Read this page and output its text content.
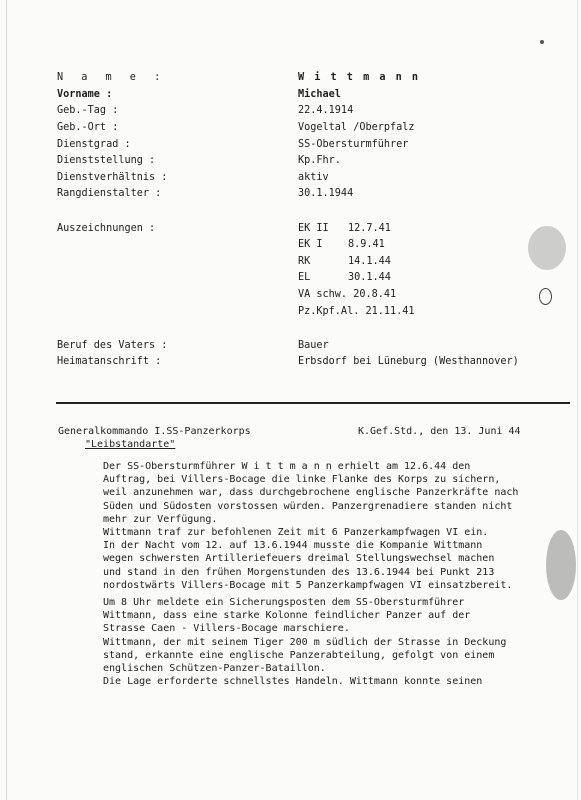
N a m e :	W i t t m a n n
Vorname :	Michael
Geb.-Tag :	22.4.1914
Geb.-Ort :	Vogeltal /Oberpfalz
Dienstgrad :	SS-Obersturmführer
Dienststellung :	Kp.Fhr.
Dienstverhältnis :	aktiv
Rangdienstalter :	30.1.1944
Auszeichnungen :	EK II 12.7.41
EK I 8.9.41
RK	14.1.44
EL	30.1.44
VA schw. 20.8.41
Pz.Kpf.Al. 21.11.41
Beruf des Vaters :	Bauer
Heimatanschrift :	Erbsdorf bei Lüneburg (Westhannover)
Generalkommando I.SS-Panzerkorps
"Leibstandarte"
K.Gef.Std., den 13. Juni 44

Der SS-Obersturmführer W i t t m a n n erhielt am 12.6.44 den

Auftrag, bei Villers-Bocage die linke Flanke des Korps zu sichern,

weil anzunehmen war, dass durchgebrochene englische Panzerkräfte nach

Süden und Südosten vorstossen würden. Panzergrenadiere standen nicht

mehr zur Verfügung.

Wittmann traf zur befohlenen Zeit mit 6 Panzerkampfwagen VI ein.

In der Nacht vom 12. auf 13.6.1944 musste die Kompanie Wittmann

wegen schwersten Artilleriefeuers dreimal Stellungswechsel machen

und stand in den frühen Morgenstunden des 13.6.1944 bei Punkt 213

nordostwärts Villers-Bocage mit 5 Panzerkampfwagen VI einsatzbereit.

Um 8 Uhr meldete ein Sicherungsposten dem SS-Obersturmführer

Wittmann, dass eine starke Kolonne feindlicher Panzer auf der

Strasse Caen - Villers-Bocage marschiere.

Wittmann, der mit seinem Tiger 200 m südlich der Strasse in Deckung

stand, erkannte eine englische Panzerabteilung, gefolgt von einem

englischen Schützen-Panzer-Bataillon.

Die Lage erforderte schnellstes Handeln. Wittmann konnte seinen
